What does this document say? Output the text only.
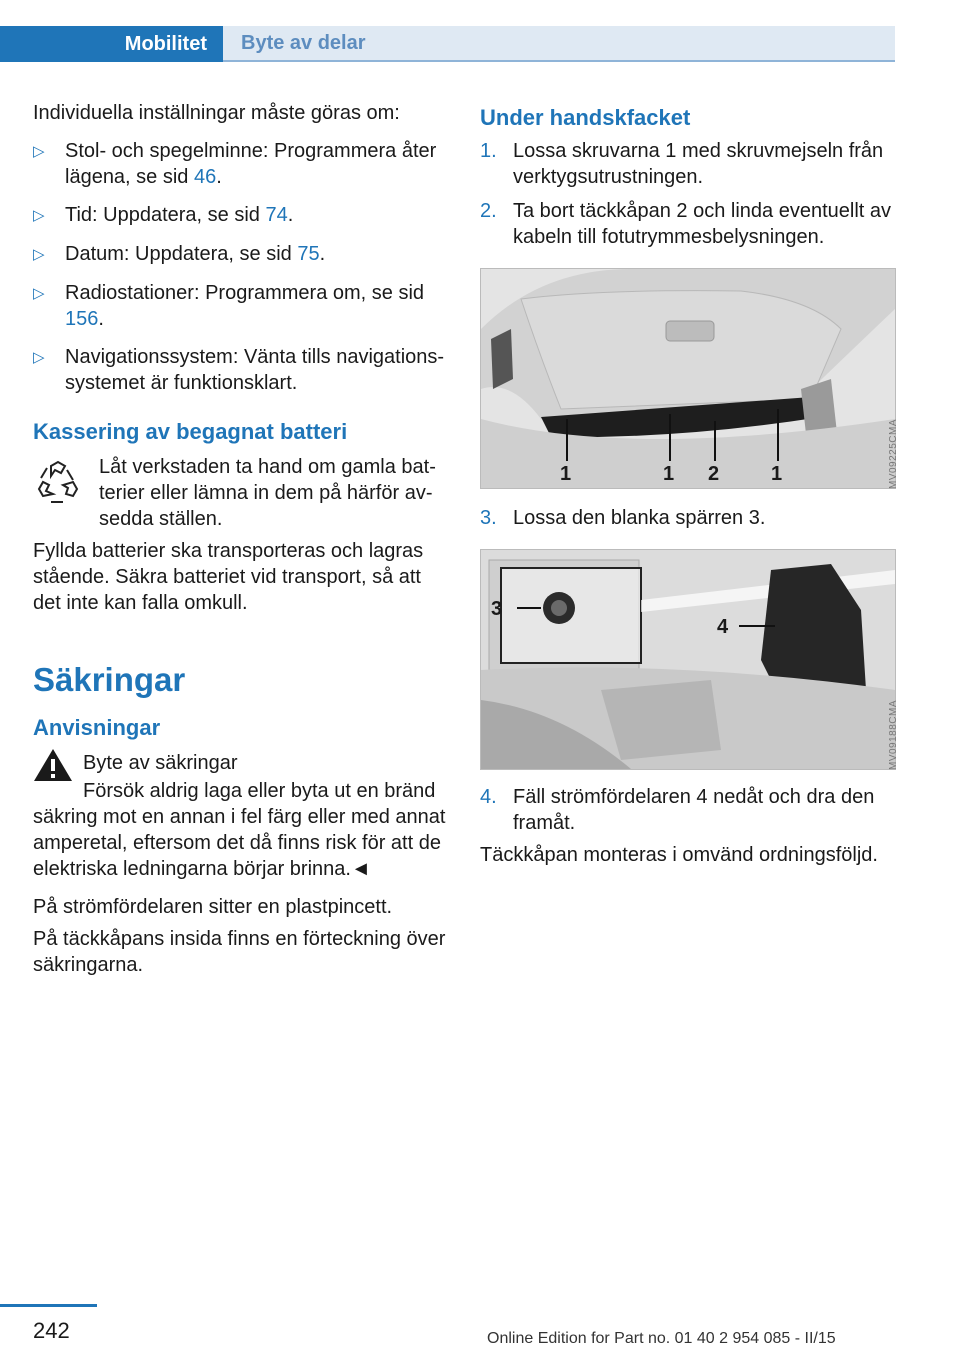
Mobilitet	Byte av delar

Individuella inställningar måste göras om:

▷	Stol- och spegelminne: Programmera åter lägena, se sid 46.
▷	Tid: Uppdatera, se sid 74.
▷	Datum: Uppdatera, se sid 75.
▷	Radiostationer: Programmera om, se sid 156.
▷	Navigationssystem: Vänta tills navigationssystemet är funktionsklart.
Kassering av begagnat batteri

Låt verkstaden ta hand om gamla batterier eller lämna in dem på härför avsedda ställen.

Fyllda batterier ska transporteras och lagras stående. Säkra batteriet vid transport, så att det inte kan falla omkull.

Säkringar
Anvisningar

Byte av säkringar

Försök aldrig laga eller byta ut en bränd säkring mot en annan i fel färg eller med annat amperetal, eftersom det då finns risk för att de elektriska ledningarna börjar brinna.◄

På strömfördelaren sitter en plastpincett.

På täckkåpans insida finns en förteckning över säkringarna.

Under handskfacket
1. Lossa skruvarna 1 med skruvmejseln från verktygsutrustningen.
2. Ta bort täckkåpan 2 och linda eventuellt av kabeln till fotutrymmesbelysningen.
1	1 2	1	MV09225CMA
3. Lossa den blanka spärren 3.
3
4
MV09188CMA
4. Fäll strömfördelaren 4 nedåt och dra den framåt.

Täckkåpan monteras i omvänd ordningsföljd.

242	Online Edition for Part no. 01 40 2 954 085 - II/15
